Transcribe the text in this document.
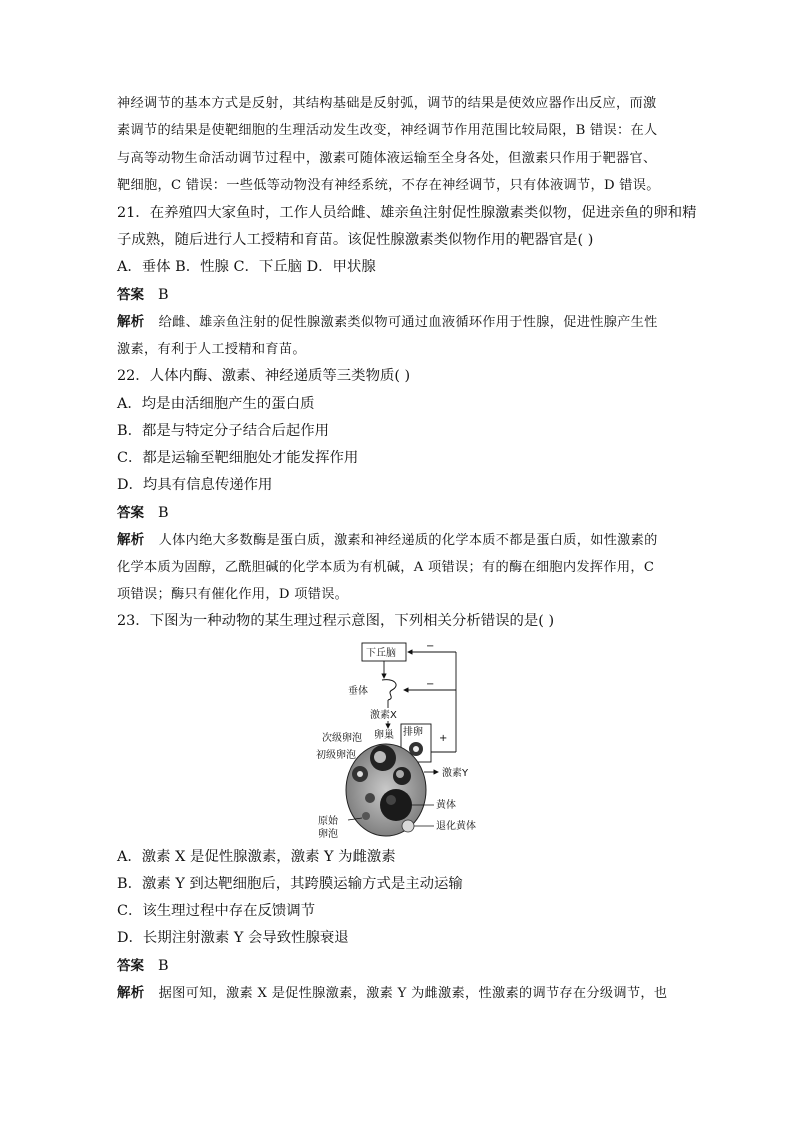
神经调节的基本方式是反射，其结构基础是反射弧，调节的结果是使效应器作出反应，而激
素调节的结果是使靶细胞的生理活动发生改变，神经调节作用范围比较局限，B 错误：在人
与高等动物生命活动调节过程中，激素可随体液运输至全身各处，但激素只作用于靶器官、
靶细胞，C 错误：一些低等动物没有神经系统，不存在神经调节，只有体液调节，D 错误。
21．在养殖四大家鱼时，工作人员给雌、雄亲鱼注射促性腺激素类似物，促进亲鱼的卵和精
子成熟，随后进行人工授精和育苗。该促性腺激素类似物作用的靶器官是( )
A．垂体 B．性腺 C．下丘脑 D．甲状腺
答案 B
解析 给雌、雄亲鱼注射的促性腺激素类似物可通过血液循环作用于性腺，促进性腺产生性
激素，有利于人工授精和育苗。
22．人体内酶、激素、神经递质等三类物质( )
A．均是由活细胞产生的蛋白质
B．都是与特定分子结合后起作用
C．都是运输至靶细胞处才能发挥作用
D．均具有信息传递作用
答案 B
解析 人体内绝大多数酶是蛋白质，激素和神经递质的化学本质不都是蛋白质，如性激素的
化学本质为固醇，乙酰胆碱的化学本质为有机碱，A 项错误；有的酶在细胞内发挥作用，C
项错误；酶只有催化作用，D 项错误。
23．下图为一种动物的某生理过程示意图，下列相关分析错误的是( )
下丘脑
−
−
垂体
激素X
卵巢 排卵
+
次级卵泡
初级卵泡
激素Y
黄体
退化黄体
原始
卵泡
A．激素 X 是促性腺激素，激素 Y 为雌激素
B．激素 Y 到达靶细胞后，其跨膜运输方式是主动运输
C．该生理过程中存在反馈调节
D．长期注射激素 Y 会导致性腺衰退
答案 B
解析 据图可知，激素 X 是促性腺激素，激素 Y 为雌激素，性激素的调节存在分级调节，也
